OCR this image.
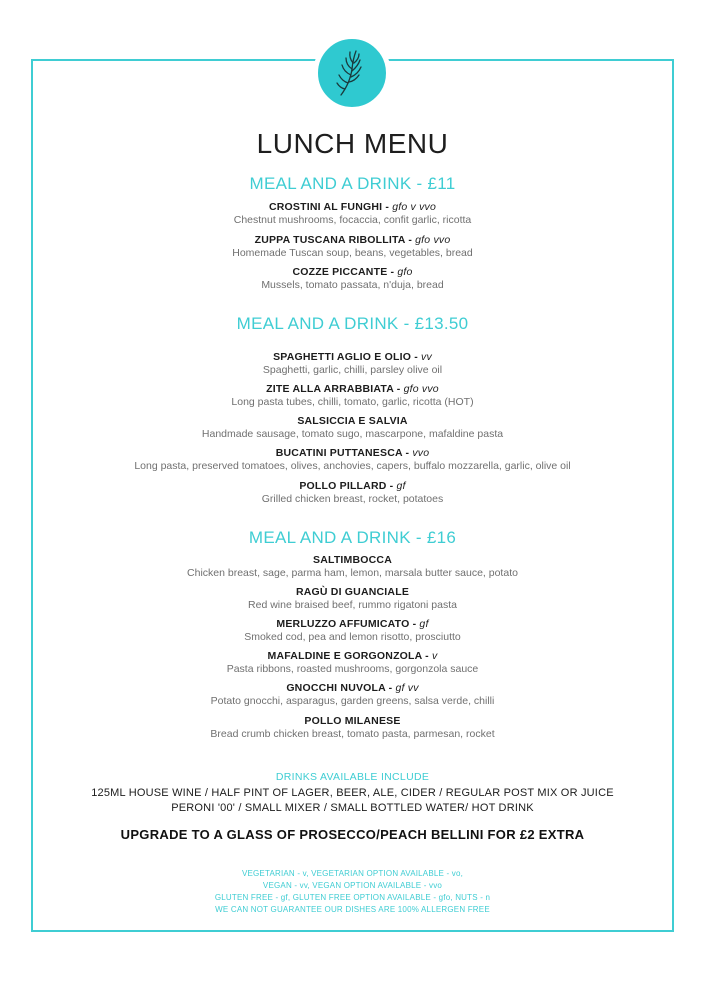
LUNCH MENU
MEAL AND A DRINK - £11
CROSTINI AL FUNGHI - gfo v vvo
Chestnut mushrooms, focaccia, confit garlic, ricotta
ZUPPA TUSCANA RIBOLLITA - gfo vvo
Homemade Tuscan soup, beans, vegetables, bread
COZZE PICCANTE - gfo
Mussels, tomato passata, n'duja, bread
MEAL AND A DRINK - £13.50
SPAGHETTI AGLIO E OLIO - vv
Spaghetti, garlic, chilli, parsley olive oil
ZITE ALLA ARRABBIATA - gfo vvo
Long pasta tubes, chilli, tomato, garlic, ricotta (HOT)
SALSICCIA E SALVIA
Handmade sausage, tomato sugo, mascarpone, mafaldine pasta
BUCATINI PUTTANESCA - vvo
Long pasta, preserved tomatoes, olives, anchovies, capers, buffalo mozzarella, garlic, olive oil
POLLO PILLARD - gf
Grilled chicken breast, rocket, potatoes
MEAL AND A DRINK - £16
SALTIMBOCCA
Chicken breast, sage, parma ham, lemon, marsala butter sauce, potato
RAGÙ DI GUANCIALE
Red wine braised beef, rummo rigatoni pasta
MERLUZZO AFFUMICATO - gf
Smoked cod, pea and lemon risotto, prosciutto
MAFALDINE E GORGONZOLA - v
Pasta ribbons, roasted mushrooms, gorgonzola sauce
GNOCCHI NUVOLA - gf vv
Potato gnocchi, asparagus, garden greens, salsa verde, chilli
POLLO MILANESE
Bread crumb chicken breast, tomato pasta, parmesan, rocket
DRINKS AVAILABLE INCLUDE
125ML HOUSE WINE / HALF PINT OF LAGER, BEER, ALE, CIDER / REGULAR POST MIX OR JUICE
PERONI '00' / SMALL MIXER / SMALL BOTTLED WATER/ HOT DRINK
UPGRADE TO A GLASS OF PROSECCO/PEACH BELLINI FOR £2 EXTRA
VEGETARIAN - v, VEGETARIAN OPTION AVAILABLE - vo,
VEGAN - vv, VEGAN OPTION AVAILABLE - vvo
GLUTEN FREE - gf, GLUTEN FREE OPTION AVAILABLE - gfo, NUTS - n
WE CAN NOT GUARANTEE OUR DISHES ARE 100% ALLERGEN FREE
